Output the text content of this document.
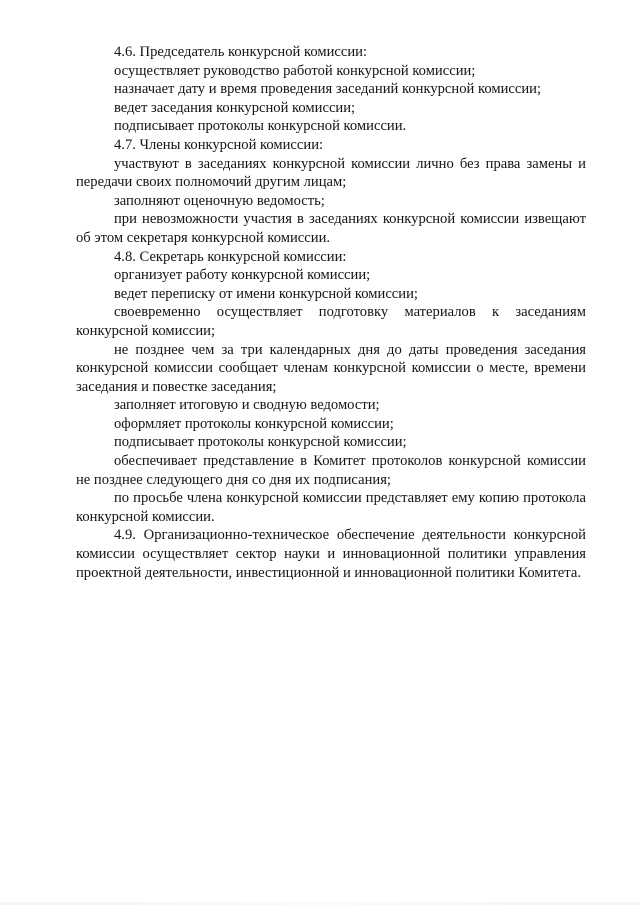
4.6. Председатель конкурсной комиссии:

осуществляет руководство работой конкурсной комиссии;

назначает дату и время проведения заседаний конкурсной комиссии;

ведет заседания конкурсной комиссии;

подписывает протоколы конкурсной комиссии.

4.7. Члены конкурсной комиссии:

участвуют в заседаниях конкурсной комиссии лично без права замены и передачи своих полномочий другим лицам;

заполняют оценочную ведомость;

при невозможности участия в заседаниях конкурсной комиссии извещают об этом секретаря конкурсной комиссии.

4.8. Секретарь конкурсной комиссии:

организует работу конкурсной комиссии;

ведет переписку от имени конкурсной комиссии;

своевременно осуществляет подготовку материалов к заседаниям конкурсной комиссии;

не позднее чем за три календарных дня до даты проведения заседания конкурсной комиссии сообщает членам конкурсной комиссии о месте, времени заседания и повестке заседания;

заполняет итоговую и сводную ведомости;

оформляет протоколы конкурсной комиссии;

подписывает протоколы конкурсной комиссии;

обеспечивает представление в Комитет протоколов конкурсной комиссии не позднее следующего дня со дня их подписания;

по просьбе члена конкурсной комиссии представляет ему копию протокола конкурсной комиссии.

4.9. Организационно-техническое обеспечение деятельности конкурсной комиссии осуществляет сектор науки и инновационной политики управления проектной деятельности, инвестиционной и инновационной политики Комитета.
